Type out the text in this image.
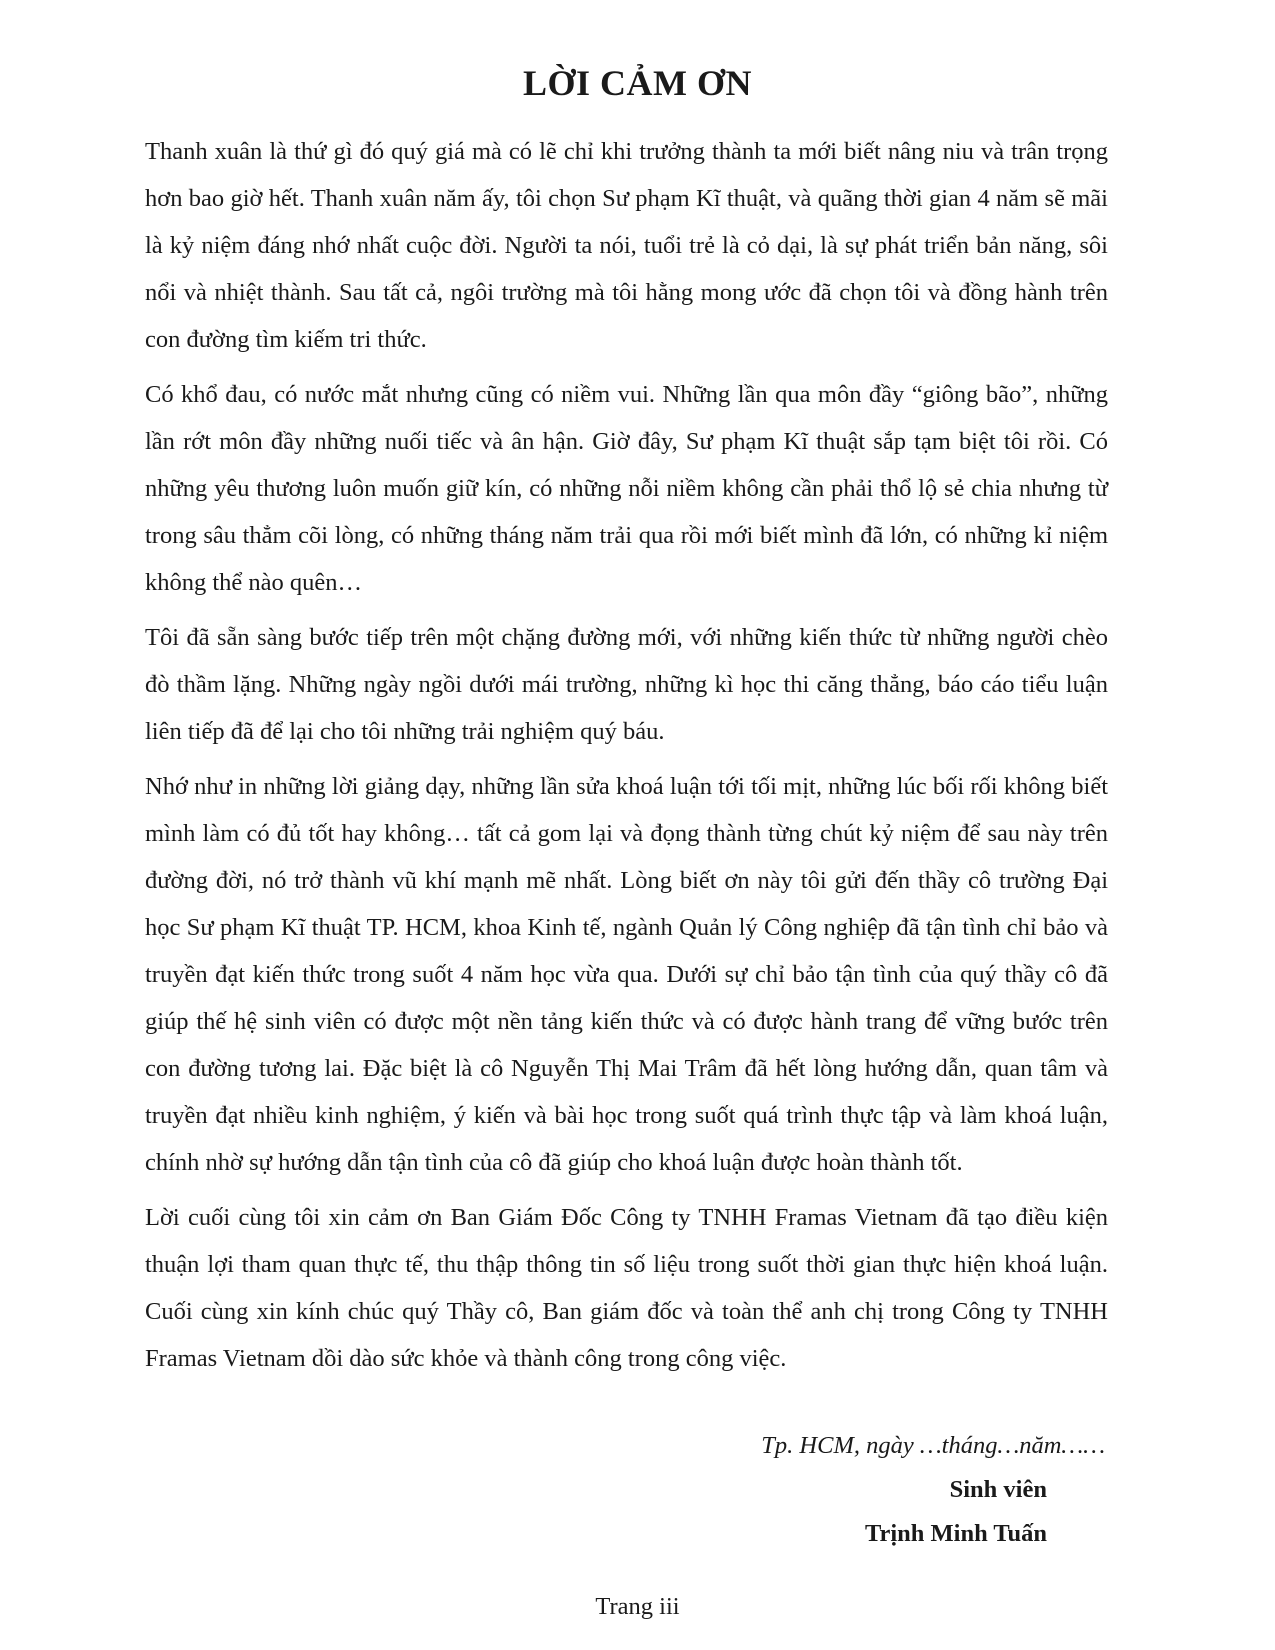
LỜI CẢM ƠN

Thanh xuân là thứ gì đó quý giá mà có lẽ chỉ khi trưởng thành ta mới biết nâng niu và trân trọng hơn bao giờ hết. Thanh xuân năm ấy, tôi chọn Sư phạm Kĩ thuật, và quãng thời gian 4 năm sẽ mãi là kỷ niệm đáng nhớ nhất cuộc đời. Người ta nói, tuổi trẻ là cỏ dại, là sự phát triển bản năng, sôi nổi và nhiệt thành. Sau tất cả, ngôi trường mà tôi hằng mong ước đã chọn tôi và đồng hành trên con đường tìm kiếm tri thức.

Có khổ đau, có nước mắt nhưng cũng có niềm vui. Những lần qua môn đầy “giông bão”, những lần rớt môn đầy những nuối tiếc và ân hận. Giờ đây, Sư phạm Kĩ thuật sắp tạm biệt tôi rồi. Có những yêu thương luôn muốn giữ kín, có những nỗi niềm không cần phải thổ lộ sẻ chia nhưng từ trong sâu thẳm cõi lòng, có những tháng năm trải qua rồi mới biết mình đã lớn, có những kỉ niệm không thể nào quên…

Tôi đã sẵn sàng bước tiếp trên một chặng đường mới, với những kiến thức từ những người chèo đò thầm lặng. Những ngày ngồi dưới mái trường, những kì học thi căng thẳng, báo cáo tiểu luận liên tiếp đã để lại cho tôi những trải nghiệm quý báu.

Nhớ như in những lời giảng dạy, những lần sửa khoá luận tới tối mịt, những lúc bối rối không biết mình làm có đủ tốt hay không… tất cả gom lại và đọng thành từng chút kỷ niệm để sau này trên đường đời, nó trở thành vũ khí mạnh mẽ nhất. Lòng biết ơn này tôi gửi đến thầy cô trường Đại học Sư phạm Kĩ thuật TP. HCM, khoa Kinh tế, ngành Quản lý Công nghiệp đã tận tình chỉ bảo và truyền đạt kiến thức trong suốt 4 năm học vừa qua. Dưới sự chỉ bảo tận tình của quý thầy cô đã giúp thế hệ sinh viên có được một nền tảng kiến thức và có được hành trang để vững bước trên con đường tương lai. Đặc biệt là cô Nguyễn Thị Mai Trâm đã hết lòng hướng dẫn, quan tâm và truyền đạt nhiều kinh nghiệm, ý kiến và bài học trong suốt quá trình thực tập và làm khoá luận, chính nhờ sự hướng dẫn tận tình của cô đã giúp cho khoá luận được hoàn thành tốt.

Lời cuối cùng tôi xin cảm ơn Ban Giám Đốc Công ty TNHH Framas Vietnam đã tạo điều kiện thuận lợi tham quan thực tế, thu thập thông tin số liệu trong suốt thời gian thực hiện khoá luận. Cuối cùng xin kính chúc quý Thầy cô, Ban giám đốc và toàn thể anh chị trong Công ty TNHH Framas Vietnam dồi dào sức khỏe và thành công trong công việc.

Tp. HCM, ngày …tháng…năm……
Sinh viên
Trịnh Minh Tuấn
Trang iii
